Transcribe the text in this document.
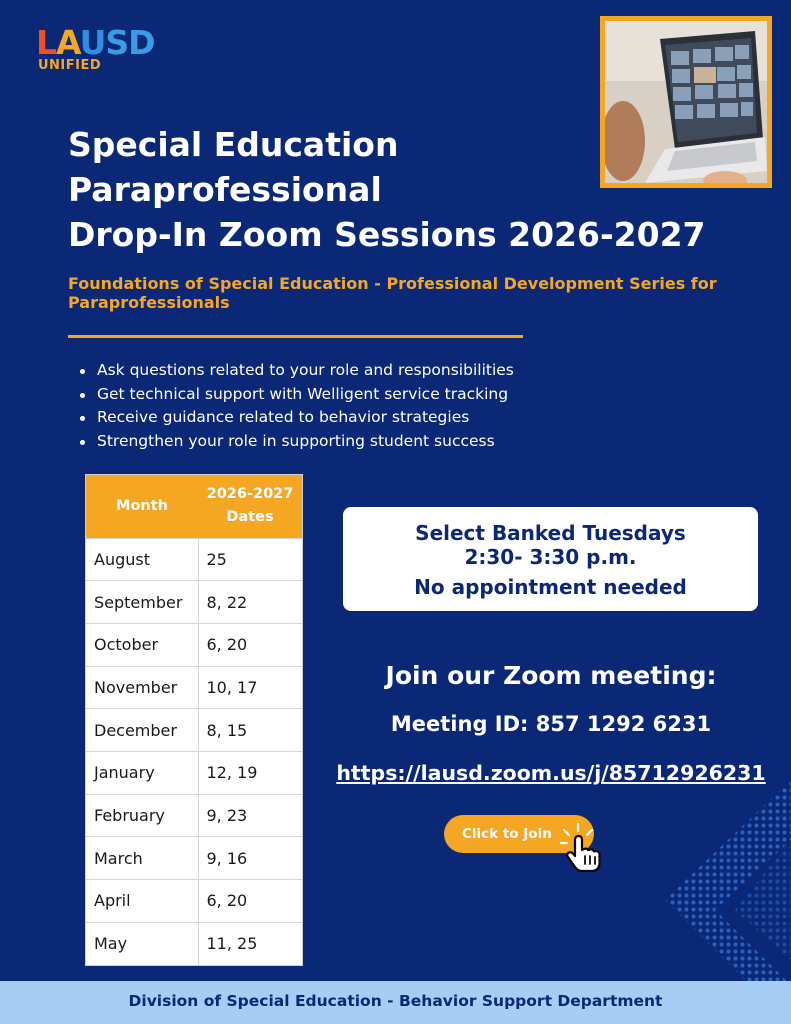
LAUSD
UNIFIED
Special Education
Paraprofessional
Drop-In Zoom Sessions 2026-2027
Foundations of Special Education - Professional Development Series for Paraprofessionals
Ask questions related to your role and responsibilities
Get technical support with Welligent service tracking
Receive guidance related to behavior strategies
Strengthen your role in supporting student success
Month	2026-2027
Dates
August	25
September	8, 22
October	6, 20
November	10, 17
December	8, 15
January	12, 19
February	9, 23
March	9, 16
April	6, 20
May	11, 25
Select Banked Tuesdays
2:30- 3:30 p.m.
No appointment needed
Join our Zoom meeting:
Meeting ID: 857 1292 6231
https://lausd.zoom.us/j/85712926231
Click to Join
Division of Special Education - Behavior Support Department
